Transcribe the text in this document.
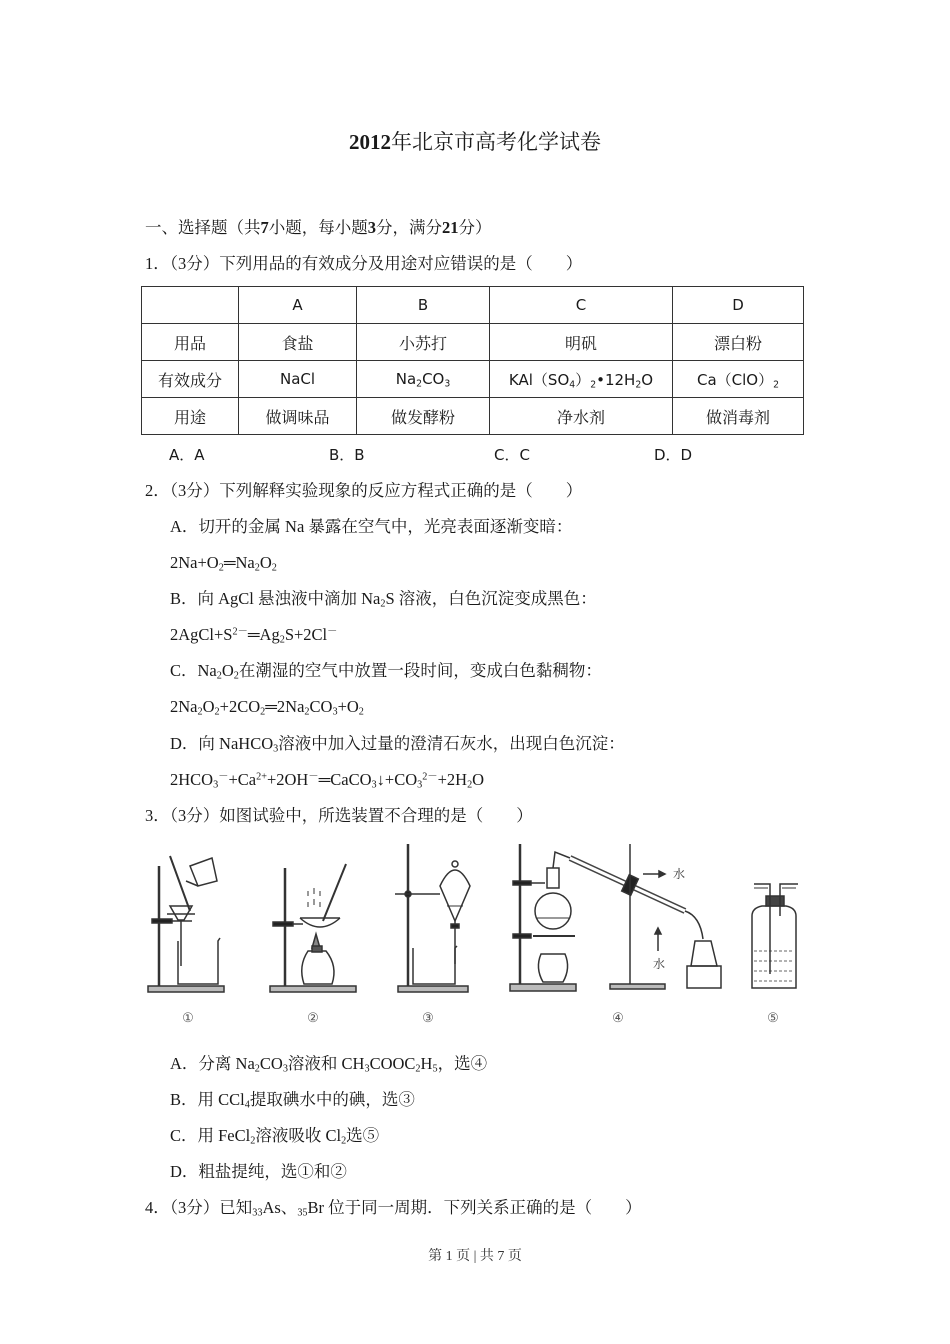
2012年北京市高考化学试卷
一、选择题（共7小题，每小题3分，满分21分）
1．（3分）下列用品的有效成分及用途对应错误的是（　　）
	A	B	C	D
用品	食盐	小苏打	明矾	漂白粉
有效成分	NaCl	$Na_2CO_3$	$KAl(SO_4)_2•12H_2O$	$Ca(ClO)_2$
用途	做调味品	做发酵粉	净水剂	做消毒剂
A．A	B．B	C．C	D．D
2．（3分）下列解释实验现象的反应方程式正确的是（　　）
A．切开的金属 Na 暴露在空气中，光亮表面逐渐变暗：
$2Na+O_2═Na_2O_2$
B．向 AgCl 悬浊液中滴加 $Na_2S$ 溶液，白色沉淀变成黑色：
$2AgCl+S^{2-}═Ag_2S+2Cl^-$
C．$Na_2O_2$在潮湿的空气中放置一段时间，变成白色黏稠物：
$2Na_2O_2+2CO_2═2Na_2CO_3+O_2$
D．向 NaHCO$_3$溶液中加入过量的澄清石灰水，出现白色沉淀：
$2HCO_3^-+Ca^{2+}+2OH^-═CaCO_3↓+CO_3^{2-}+2H_2O$
3．（3分）如图试验中，所选装置不合理的是（　　）
水
水
①	②	③	④	⑤
A．分离 $Na_2CO_3$溶液和 $CH_3COOC_2H_5$，选④
B．用 CCl$_4$提取碘水中的碘，选③
C．用 FeCl$_2$溶液吸收 $Cl_2$选⑤
D．粗盐提纯，选①和②
4．（3分）已知$_{33}$As、$_{35}$Br 位于同一周期．下列关系正确的是（　　）
第 1 页 | 共 7 页
